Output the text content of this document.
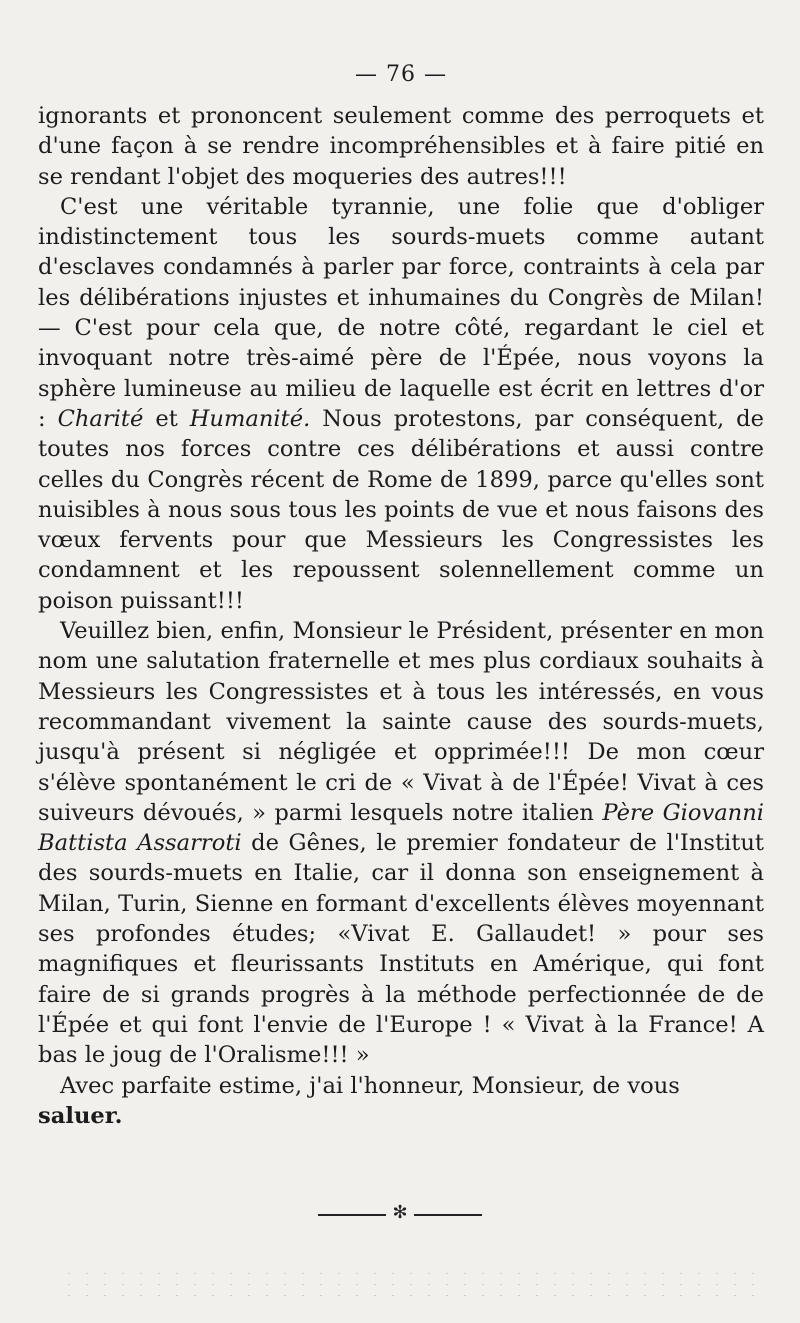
— 76 —

ignorants et prononcent seulement comme des perroquets et d'une façon à se rendre incompréhensibles et à faire pitié en se rendant l'objet des moqueries des autres!!!

C'est une véritable tyrannie, une folie que d'obliger indistinctement tous les sourds-muets comme autant d'esclaves condamnés à parler par force, contraints à cela par les délibérations injustes et inhumaines du Congrès de Milan! — C'est pour cela que, de notre côté, regardant le ciel et invoquant notre très-aimé père de l'Épée, nous voyons la sphère lumineuse au milieu de laquelle est écrit en lettres d'or : Charité et Humanité. Nous protestons, par conséquent, de toutes nos forces contre ces délibérations et aussi contre celles du Congrès récent de Rome de 1899, parce qu'elles sont nuisibles à nous sous tous les points de vue et nous faisons des vœux fervents pour que Messieurs les Congressistes les condamnent et les repoussent solennellement comme un poison puissant!!!

Veuillez bien, enfin, Monsieur le Président, présenter en mon nom une salutation fraternelle et mes plus cordiaux souhaits à Messieurs les Congressistes et à tous les intéressés, en vous recommandant vivement la sainte cause des sourds-muets, jusqu'à présent si négligée et opprimée!!! De mon cœur s'élève spontanément le cri de « Vivat à de l'Épée! Vivat à ces suiveurs dévoués, » parmi lesquels notre italien Père Giovanni Battista Assarroti de Gênes, le premier fondateur de l'Institut des sourds-muets en Italie, car il donna son enseignement à Milan, Turin, Sienne en formant d'excellents élèves moyennant ses profondes études; «Vivat E. Gallaudet! » pour ses magnifiques et fleurissants Instituts en Amérique, qui font faire de si grands progrès à la méthode perfectionnée de de l'Épée et qui font l'envie de l'Europe ! « Vivat à la France! A bas le joug de l'Oralisme!!! »

Avec parfaite estime, j'ai l'honneur, Monsieur, de vous
saluer.

✻
